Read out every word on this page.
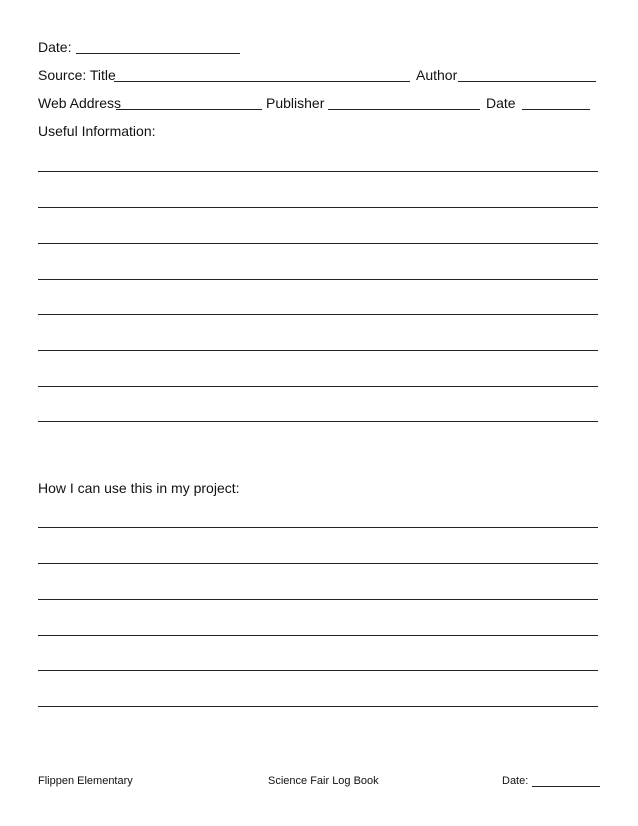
Date:
Source: Title	Author
Web Address	Publisher	Date
Useful Information:
How I can use this in my project:
Flippen Elementary	Science Fair Log Book	Date:
